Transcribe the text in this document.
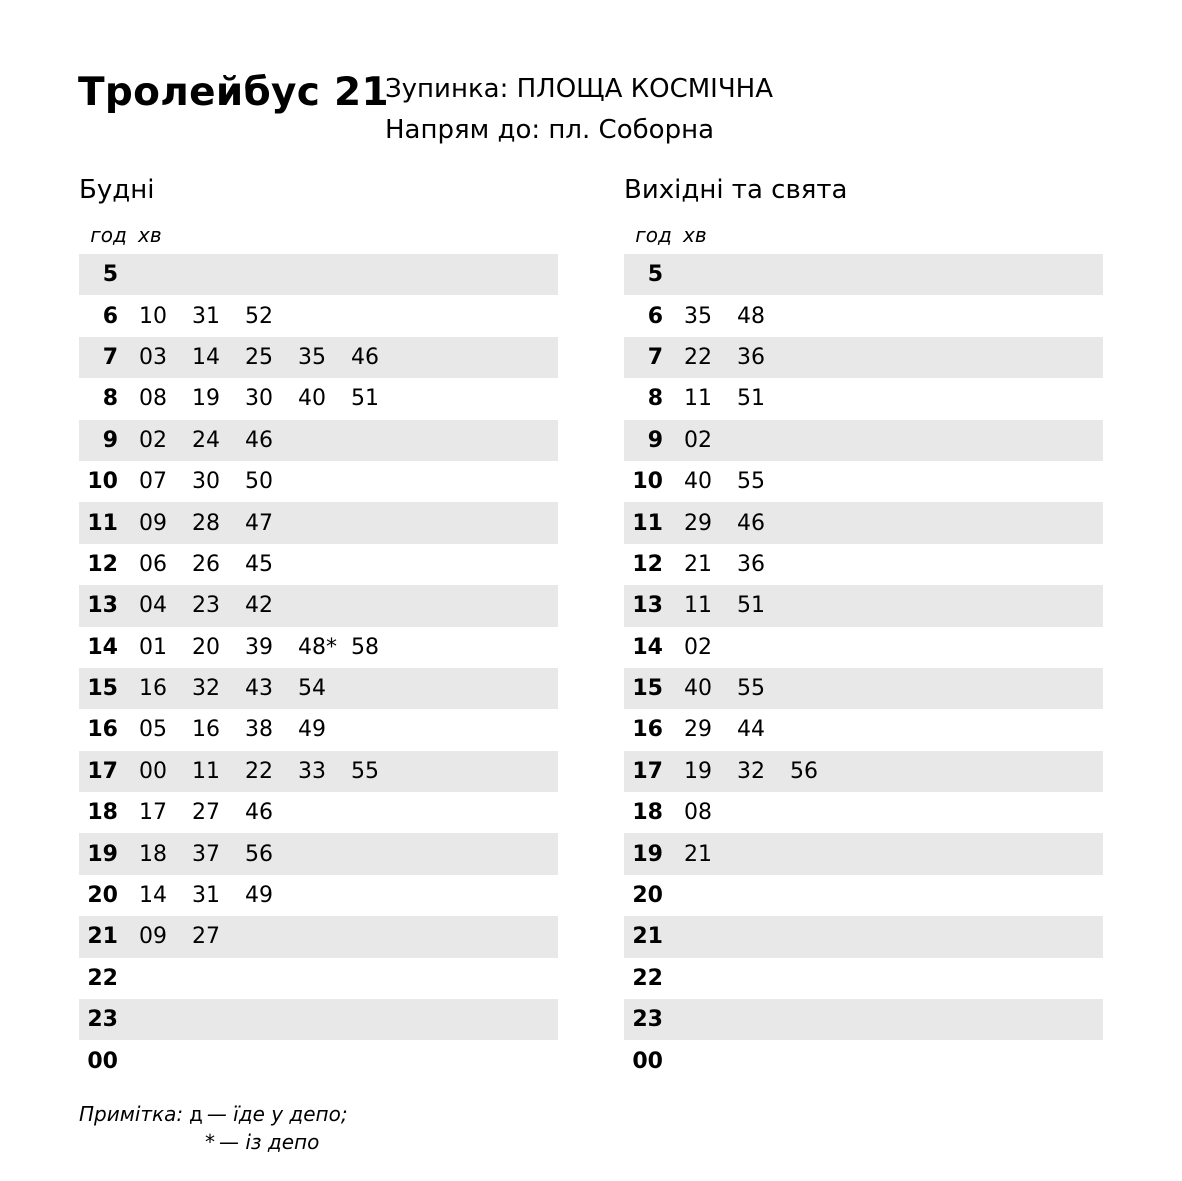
Тролейбус 21
Зупинка: ПЛОЩА КОСМІЧНА
Напрям до: пл. Соборна
Будні
год хв
5
6 10	31	52
7 03	14	25	35	46
8 08	19	30	40	51
9 02	24	46
10 07	30	50
11 09	28	47
12 06	26	45
13 04	23	42
14 01	20	39	48* 58
15 16	32	43	54
16 05	16	38	49
17 00	11	22	33	55
18 17	27	46
19 18	37	56
20 14	31	49
21 09	27
22
23
00
Вихідні та свята
год хв
5
6 35	48
7 22	36
8 11	51
9 02
10 40	55
11 29	46
12 21	36
13 11	51
14 02
15 40	55
16 29	44
17 19	32	56
18 08
19 21
20
21
22
23
00
Примітка: д — їде у депо;
* — із депо
